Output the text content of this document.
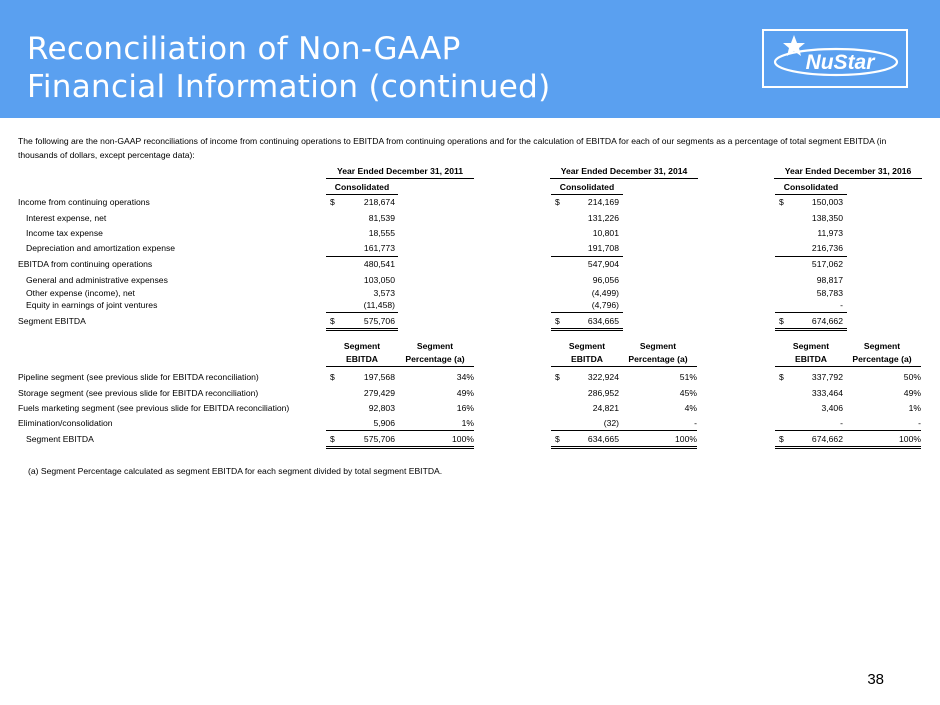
Reconciliation of Non-GAAP
Financial Information (continued)
NuStar
The following are the non-GAAP reconciliations of income from continuing operations to EBITDA from continuing operations and for the calculation of EBITDA for each of our segments as a percentage of total segment EBITDA (in thousands of dollars, except percentage data):
Year Ended December 31, 2011
Consolidated
Year Ended December 31, 2014
Consolidated
Year Ended December 31, 2016
Consolidated
Income from continuing operations	$	218,674	$	214,169	$	150,003
Interest expense, net	81,539	131,226	138,350
Income tax expense	18,555	10,801	11,973
Depreciation and amortization expense	161,773	191,708	216,736
EBITDA from continuing operations	480,541	547,904	517,062
General and administrative expenses	103,050	96,056	98,817
Other expense (income), net	3,573	(4,499)	58,783
Equity in earnings of joint ventures	(11,458)	(4,796)	-
Segment EBITDA	$	575,706	$	634,665	$	674,662
Segment
EBITDA
Segment
Percentage (a)
Segment
EBITDA
Segment
Percentage (a)
Segment
EBITDA
Segment
Percentage (a)
Pipeline segment (see previous slide for EBITDA reconciliation)	$	197,568	34%	$	322,924	51%	$	337,792	50%
Storage segment (see previous slide for EBITDA reconciliation)	279,429	49%	286,952	45%	333,464	49%
Fuels marketing segment (see previous slide for EBITDA reconciliation)	92,803	16%	24,821	4%	3,406	1%
Elimination/consolidation	5,906	1%	(32)	-	-	-
Segment EBITDA	$	575,706	100%	$	634,665	100%	$	674,662	100%
(a) Segment Percentage calculated as segment EBITDA for each segment divided by total segment EBITDA.
38
